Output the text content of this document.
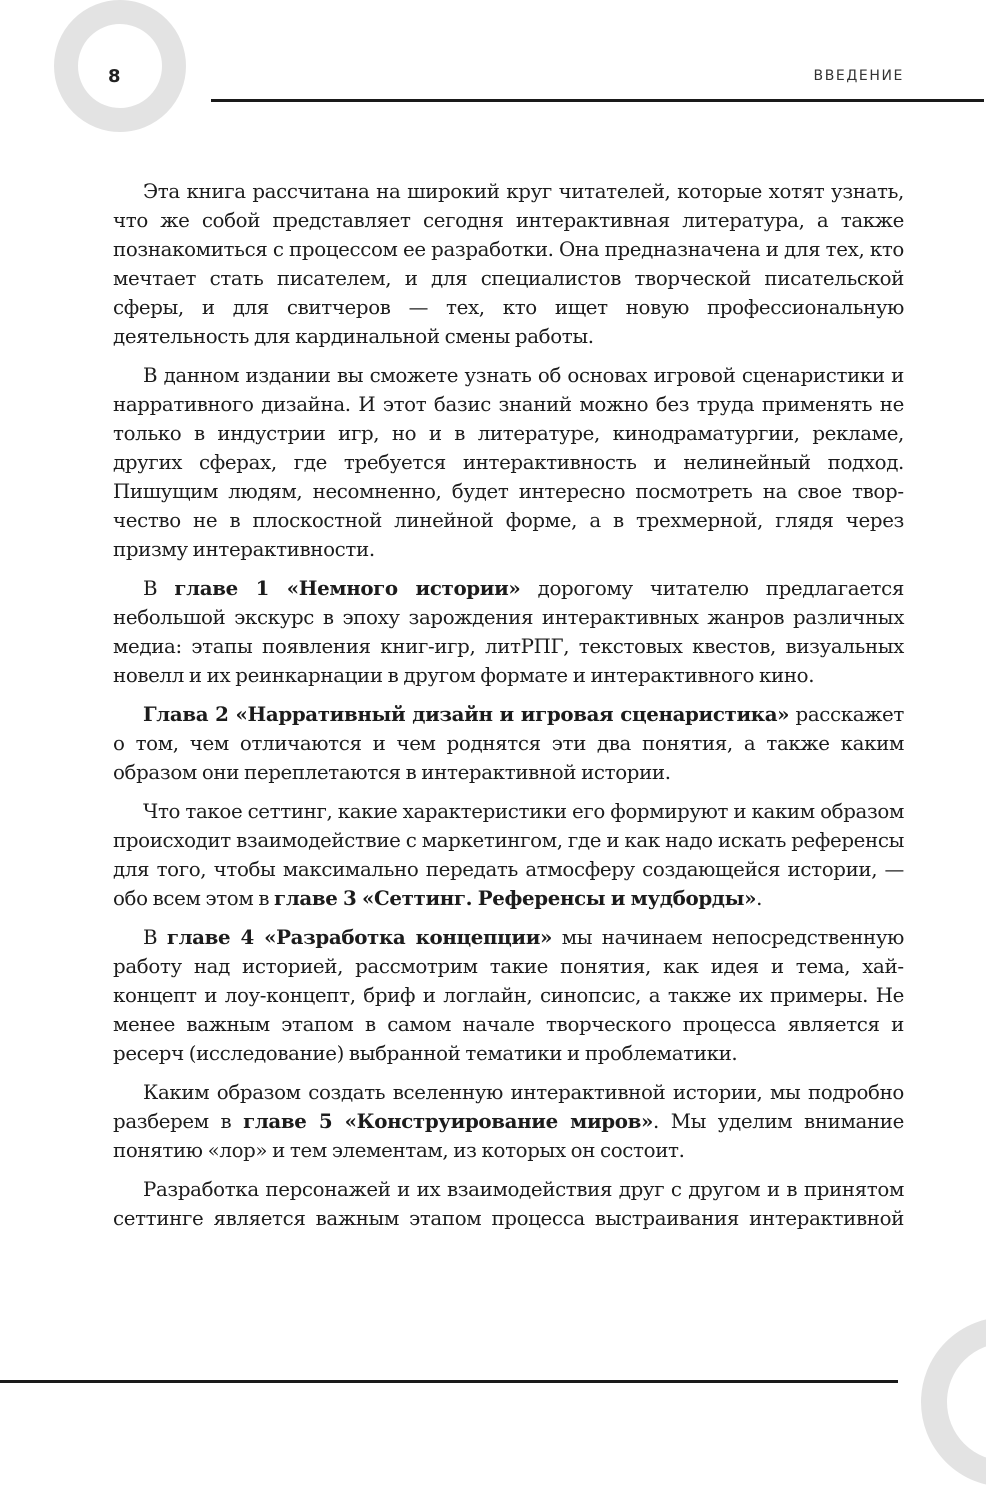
8	ВВЕДЕНИЕ

Эта книга рассчитана на широкий круг читателей, которые хотят узнать, что же собой представляет сегодня интерактивная литература, а также познакомиться с процессом ее разработки. Она предназначена и для тех, кто мечтает стать писателем, и для специалистов творческой писательской сферы, и для свитчеров — тех, кто ищет новую профессиональную деятельность для кардинальной смены работы.

В данном издании вы сможете узнать об основах игровой сценаристики и нарративного дизайна. И этот базис знаний можно без труда применять не только в индустрии игр, но и в литературе, кинодраматургии, рекламе, других сферах, где требуется интерактивность и нелинейный подход. Пишущим людям, несомненно, будет интересно посмотреть на свое творчество не в плоскостной линейной форме, а в трехмерной, глядя через призму интерактивности.

В главе 1 «Немного истории» дорогому читателю предлагается небольшой экскурс в эпоху зарождения интерактивных жанров различных медиа: этапы появления книг-игр, литРПГ, текстовых квестов, визуальных новелл и их реинкарнации в другом формате и интерактивного кино.

Глава 2 «Нарративный дизайн и игровая сценаристика» расскажет о том, чем отличаются и чем роднятся эти два понятия, а также каким образом они переплетаются в интерактивной истории.

Что такое сеттинг, какие характеристики его формируют и каким образом происходит взаимодействие с маркетингом, где и как надо искать референсы для того, чтобы максимально передать атмосферу создающейся истории, — обо всем этом в главе 3 «Сеттинг. Референсы и мудборды».

В главе 4 «Разработка концепции» мы начинаем непосредственную работу над историей, рассмотрим такие понятия, как идея и тема, хайконцепт и лоу-концепт, бриф и логлайн, синопсис, а также их примеры. Не менее важным этапом в самом начале творческого процесса является и ресерч (исследование) выбранной тематики и проблематики.

Каким образом создать вселенную интерактивной истории, мы подробно разберем в главе 5 «Конструирование миров». Мы уделим внимание понятию «лор» и тем элементам, из которых он состоит.

Разработка персонажей и их взаимодействия друг с другом и в принятом сеттинге является важным этапом процесса выстраивания интерактивной
